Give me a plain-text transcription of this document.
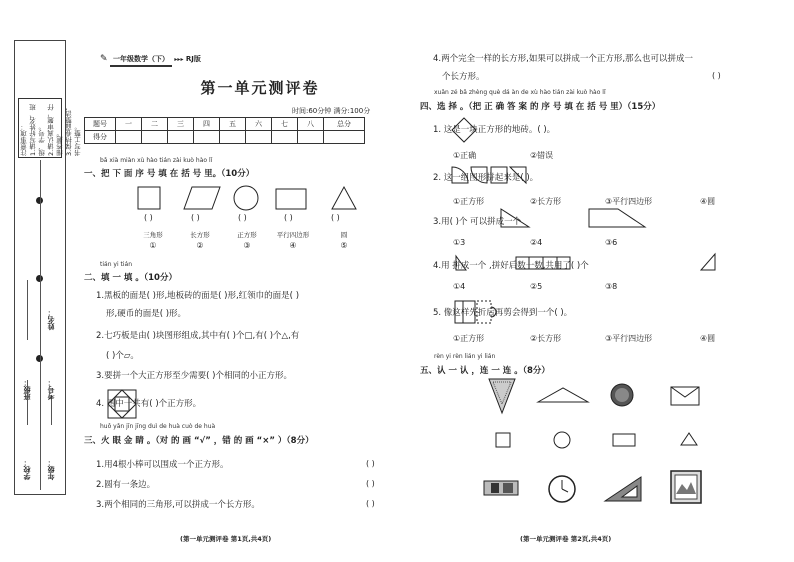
注意事项： 1.请写好姓名、班级、学号。 2.请认真审题，仔细答题。 3.保持卷面整洁，书写工整。
学校：
班级：
年级：
考号：
姓名：
✎ 一年级数学（下） ▸▸▸ RJ版
第一单元测评卷
时间:60分钟 满分:100分
题号	一	二	三	四	五	六	七	八	总分
得分									
bǎ xià miàn xù hào tián zài kuò hào lǐ
一、把 下 面 序 号 填 在 括 号 里。（10分）
( )	( )	( )	( )	( )
三角形	长方形	正方形	平行四边形	圆
①	②	③	④	⑤
tián yi tián
二、填 一 填 。（10分）
1.黑板的面是( )形,地板砖的面是( )形,红领巾的面是( )
形,硬币的面是( )形。
2.七巧板是由( )块图形组成,其中有( )个□,有( )个△,有
( )个▱。
3.要拼一个大正方形至少需要( )个相同的小正方形。
4. 图中一共有( )个正方形。
huǒ yǎn jīn jīng duì de huà cuò de huà
三、火 眼 金 睛 。（对 的 画 “√” ，错 的 画 “×” ）（8分）
1.用4根小棒可以围成一个正方形。
2.圆有一条边。
3.两个相同的三角形,可以拼成一个长方形。
( )
( )
( )
(第一单元测评卷 第1页,共4页)
4.两个完全一样的长方形,如果可以拼成一个正方形,那么也可以拼成一
个长方形。	( )
xuǎn zé bǎ zhèng què dá àn de xù hào tián zài kuò hào lǐ
四、选 择 。（把 正 确 答 案 的 序 号 填 在 括 号 里）（15分）
1. 这是一块正方形的地砖。( )。
①正确	②错误
2. 这一组图形拼起来是( )。
①正方形	②长方形	③平行四边形	④圆
3.用( )个 可以拼成一个
①3	②4	③6
4.用 拼成一个 ,拼好后数一数,共用了( )个
①4	②5	③8
5. 像这样先折后再剪会得到一个( )。
①正方形	②长方形	③平行四边形	④圆
rèn yi rèn lián yi lián
五、认 一 认 ，连 一 连 。（8分）
(第一单元测评卷 第2页,共4页)
